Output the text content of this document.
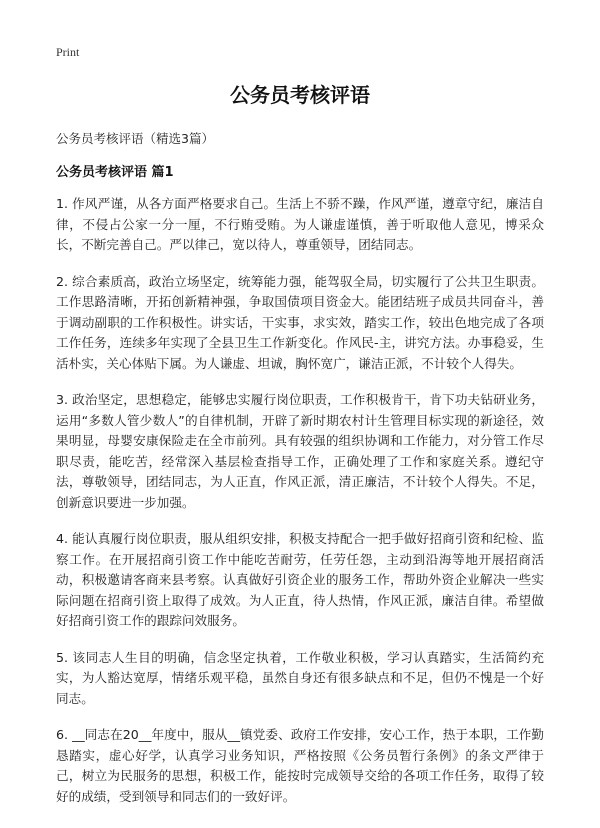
Print
公务员考核评语
公务员考核评语（精选3篇）
公务员考核评语 篇1

1. 作风严谨，从各方面严格要求自己。生活上不骄不躁，作风严谨，遵章守纪，廉洁自律，不侵占公家一分一厘，不行贿受贿。为人谦虚谨慎，善于听取他人意见，博采众长，不断完善自己。严以律己，宽以待人，尊重领导，团结同志。

2. 综合素质高，政治立场坚定，统筹能力强，能驾驭全局，切实履行了公共卫生职责。工作思路清晰，开拓创新精神强，争取国债项目资金大。能团结班子成员共同奋斗，善于调动副职的工作积极性。讲实话，干实事，求实效，踏实工作，较出色地完成了各项工作任务，连续多年实现了全县卫生工作新变化。作风民-主，讲究方法。办事稳妥，生活朴实，关心体贴下属。为人谦虚、坦诚，胸怀宽广，谦洁正派，不计较个人得失。

3. 政治坚定，思想稳定，能够忠实履行岗位职责，工作积极肯干，肯下功夫钻研业务，运用“多数人管少数人”的自律机制，开辟了新时期农村计生管理目标实现的新途径，效果明显，母婴安康保险走在全市前列。具有较强的组织协调和工作能力，对分管工作尽职尽责，能吃苦，经常深入基层检查指导工作，正确处理了工作和家庭关系。遵纪守法，尊敬领导，团结同志，为人正直，作风正派，清正廉洁，不计较个人得失。不足，创新意识要进一步加强。

4. 能认真履行岗位职责，服从组织安排，积极支持配合一把手做好招商引资和纪检、监察工作。在开展招商引资工作中能吃苦耐劳，任劳任怨，主动到沿海等地开展招商活动，积极邀请客商来县考察。认真做好引资企业的服务工作，帮助外资企业解决一些实际问题在招商引资上取得了成效。为人正直，待人热情，作风正派，廉洁自律。希望做好招商引资工作的跟踪问效服务。

5. 该同志人生目的明确，信念坚定执着，工作敬业积极，学习认真踏实，生活简约充实，为人豁达宽厚，情绪乐观平稳，虽然自身还有很多缺点和不足，但仍不愧是一个好同志。

6. __同志在20__年度中，服从__镇党委、政府工作安排，安心工作，热于本职，工作勤恳踏实，虚心好学，认真学习业务知识，严格按照《公务员暂行条例》的条文严律于己，树立为民服务的思想，积极工作，能按时完成领导交给的各项工作任务，取得了较好的成绩，受到领导和同志们的一致好评。
